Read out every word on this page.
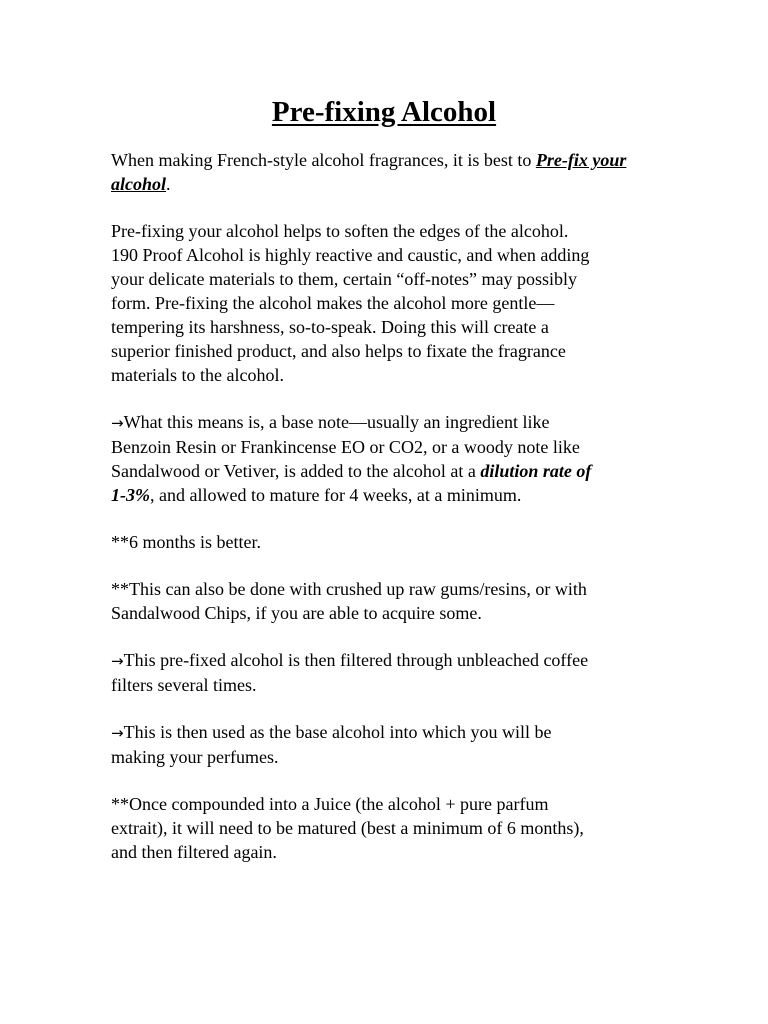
Pre-fixing Alcohol

When making French-style alcohol fragrances, it is best to Pre-fix your alcohol.

Pre-fixing your alcohol helps to soften the edges of the alcohol.
190 Proof Alcohol is highly reactive and caustic, and when adding
your delicate materials to them, certain “off-notes” may possibly
form. Pre-fixing the alcohol makes the alcohol more gentle—
tempering its harshness, so-to-speak. Doing this will create a
superior finished product, and also helps to fixate the fragrance
materials to the alcohol.

→What this means is, a base note—usually an ingredient like
Benzoin Resin or Frankincense EO or CO2, or a woody note like
Sandalwood or Vetiver, is added to the alcohol at a dilution rate of
1-3%, and allowed to mature for 4 weeks, at a minimum.

**6 months is better.

**This can also be done with crushed up raw gums/resins, or with
Sandalwood Chips, if you are able to acquire some.

→This pre-fixed alcohol is then filtered through unbleached coffee
filters several times.

→This is then used as the base alcohol into which you will be
making your perfumes.

**Once compounded into a Juice (the alcohol + pure parfum
extrait), it will need to be matured (best a minimum of 6 months),
and then filtered again.
